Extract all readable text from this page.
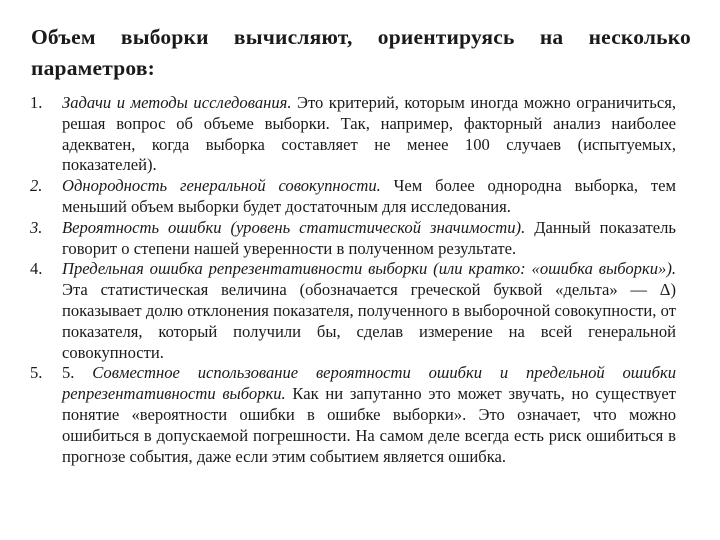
Объем выборки вычисляют, ориентируясь на несколько параметров:
1. Задачи и методы исследования. Это критерий, которым иногда можно ограничиться, решая вопрос об объеме выборки. Так, например, факторный анализ наиболее адекватен, когда выборка составляет не менее 100 случаев (испытуемых, показателей).
2. Однородность генеральной совокупности. Чем более однородна выборка, тем меньший объем выборки будет достаточным для исследования.
3. Вероятность ошибки (уровень статистической значимости). Данный показатель говорит о степени нашей уверенности в полученном результате.
4. Предельная ошибка репрезентативности выборки (или кратко: «ошибка выборки»). Эта статистическая величина (обозначается греческой буквой «дельта» — Δ) показывает долю отклонения показателя, полученного в выборочной совокупности, от показателя, который получили бы, сделав измерение на всей генеральной совокупности.
5. 5. Совместное использование вероятности ошибки и предельной ошибки репрезентативности выборки. Как ни запутанно это может звучать, но существует понятие «вероятности ошибки в ошибке выборки». Это означает, что можно ошибиться в допускаемой погрешности. На самом деле всегда есть риск ошибиться в прогнозе события, даже если этим событием является ошибка.
